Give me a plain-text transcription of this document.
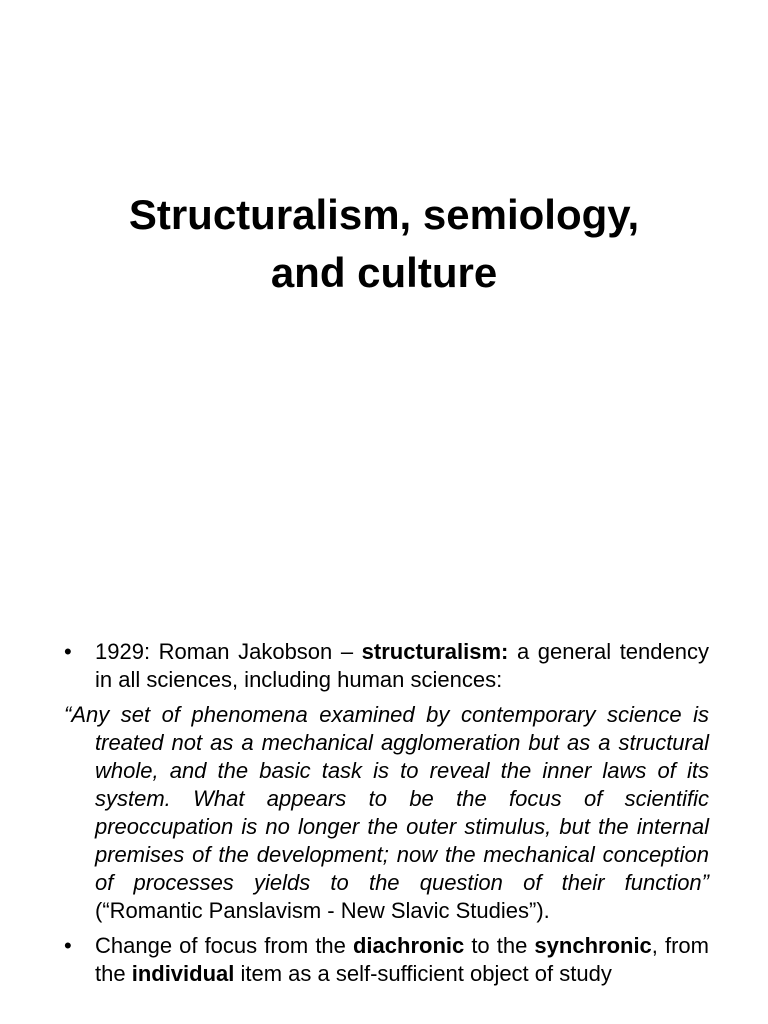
Structuralism, semiology,
and culture

• 1929: Roman Jakobson – structuralism: a general tendency in all sciences, including human sciences:

“Any set of phenomena examined by contemporary science is treated not as a mechanical agglomeration but as a structural whole, and the basic task is to reveal the inner laws of its system. What appears to be the focus of scientific preoccupation is no longer the outer stimulus, but the internal premises of the development; now the mechanical conception of processes yields to the question of their function” (“Romantic Panslavism - New Slavic Studies”).

• Change of focus from the diachronic to the synchronic, from the individual item as a self-sufficient object of study
